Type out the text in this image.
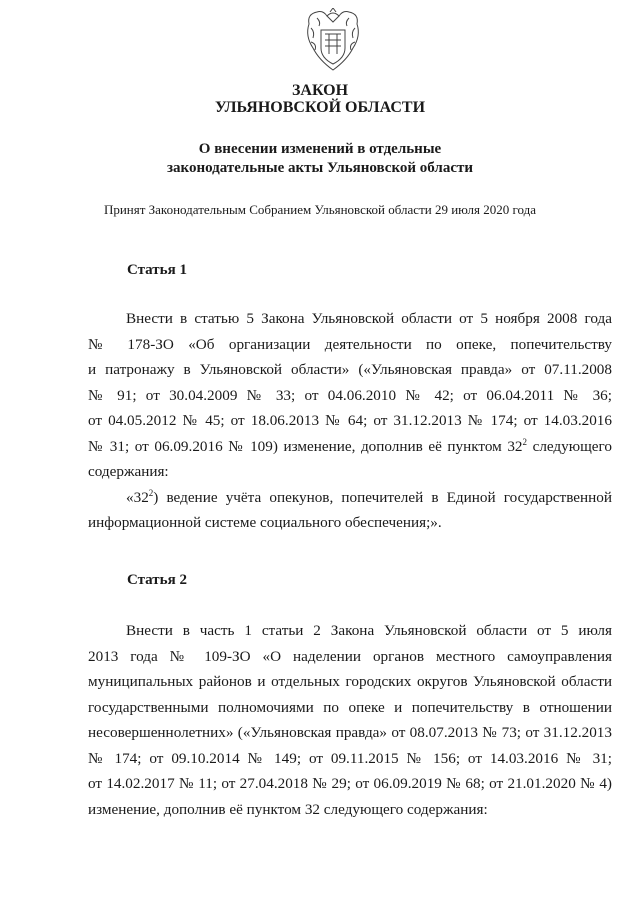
ЗАКОН
УЛЬЯНОВСКОЙ ОБЛАСТИ
О внесении изменений в отдельные
законодательные акты Ульяновской области
Принят Законодательным Собранием Ульяновской области 29 июля 2020 года
Статья 1
Внести в статью 5 Закона Ульяновской области от 5 ноября 2008 года
№ 178-ЗО «Об организации деятельности по опеке, попечительству
и патронажу в Ульяновской области» («Ульяновская правда» от 07.11.2008
№ 91; от 30.04.2009 № 33; от 04.06.2010 № 42; от 06.04.2011 № 36;
от 04.05.2012 № 45; от 18.06.2013 № 64; от 31.12.2013 № 174; от 14.03.2016
№ 31; от 06.09.2016 № 109) изменение, дополнив её пунктом $32^2$ следующего
содержания:
«$32^2$) ведение учёта опекунов, попечителей в Единой государственной
информационной системе социального обеспечения;».
Статья 2
Внести в часть 1 статьи 2 Закона Ульяновской области от 5 июля
2013 года № 109-ЗО «О наделении органов местного самоуправления
муниципальных районов и отдельных городских округов Ульяновской области
государственными полномочиями по опеке и попечительству в отношении
несовершеннолетних» («Ульяновская правда» от 08.07.2013 № 73; от 31.12.2013
№ 174; от 09.10.2014 № 149; от 09.11.2015 № 156; от 14.03.2016 № 31;
от 14.02.2017 № 11; от 27.04.2018 № 29; от 06.09.2019 № 68; от 21.01.2020 № 4)
изменение, дополнив её пунктом 32 следующего содержания:
